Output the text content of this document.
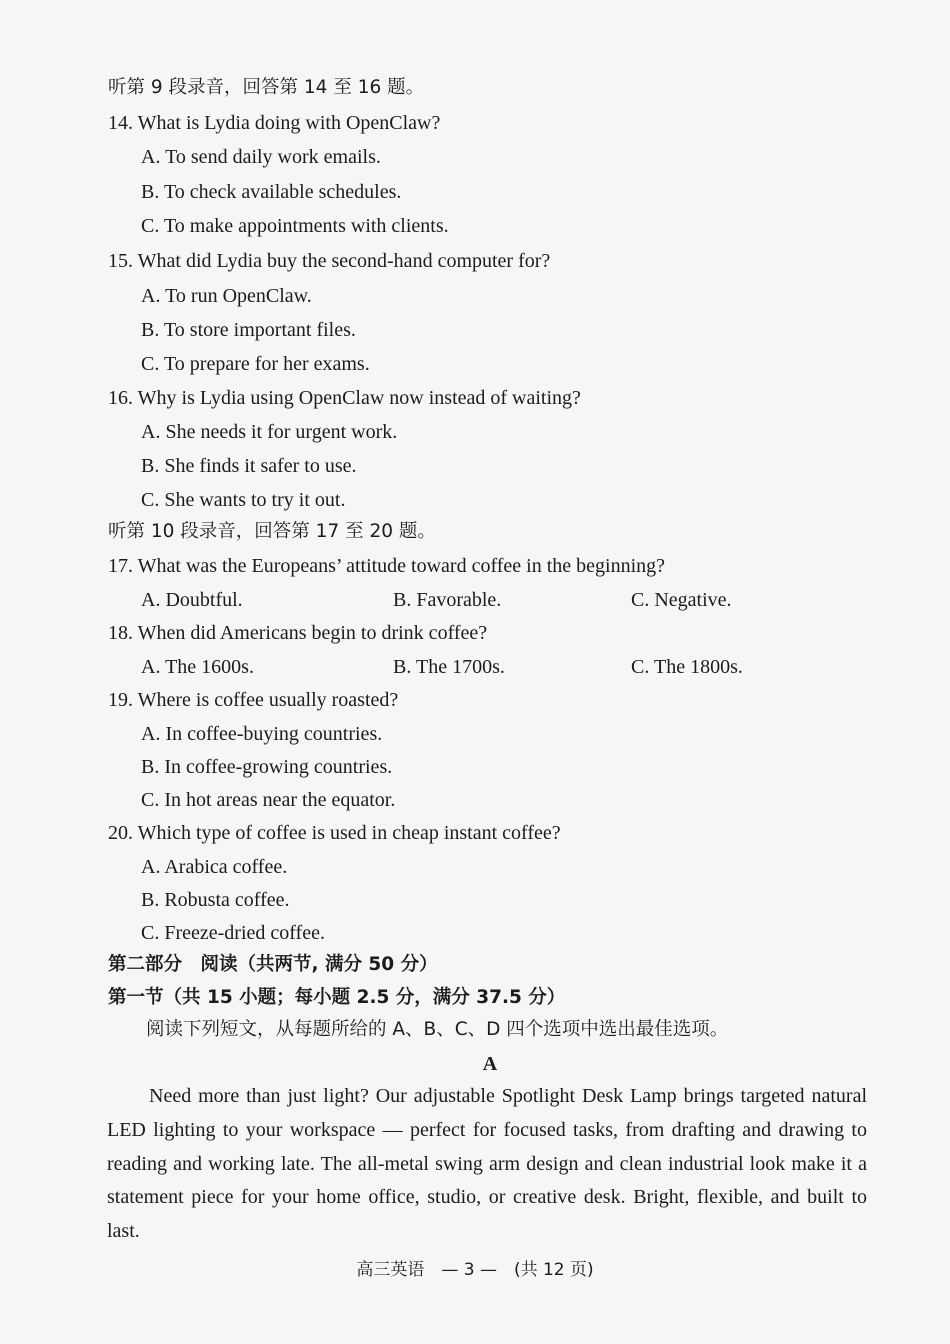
听第 9 段录音，回答第 14 至 16 题。
14. What is Lydia doing with OpenClaw?
A. To send daily work emails.
B. To check available schedules.
C. To make appointments with clients.
15. What did Lydia buy the second-hand computer for?
A. To run OpenClaw.
B. To store important files.
C. To prepare for her exams.
16. Why is Lydia using OpenClaw now instead of waiting?
A. She needs it for urgent work.
B. She finds it safer to use.
C. She wants to try it out.
听第 10 段录音，回答第 17 至 20 题。
17. What was the Europeans’ attitude toward coffee in the beginning?
A. Doubtful.	B. Favorable.	C. Negative.
18. When did Americans begin to drink coffee?
A. The 1600s.	B. The 1700s.	C. The 1800s.
19. Where is coffee usually roasted?
A. In coffee-buying countries.
B. In coffee-growing countries.
C. In hot areas near the equator.
20. Which type of coffee is used in cheap instant coffee?
A. Arabica coffee.
B. Robusta coffee.
C. Freeze-dried coffee.
第二部分　阅读（共两节, 满分 50 分）
第一节（共 15 小题；每小题 2.5 分，满分 37.5 分）
阅读下列短文，从每题所给的 A、B、C、D 四个选项中选出最佳选项。
A

Need more than just light? Our adjustable Spotlight Desk Lamp brings targeted natural LED lighting to your workspace — perfect for focused tasks, from drafting and drawing to reading and working late. The all-metal swing arm design and clean industrial look make it a statement piece for your home office, studio, or creative desk. Bright, flexible, and built to last.

高三英语　— 3 —　(共 12 页)
